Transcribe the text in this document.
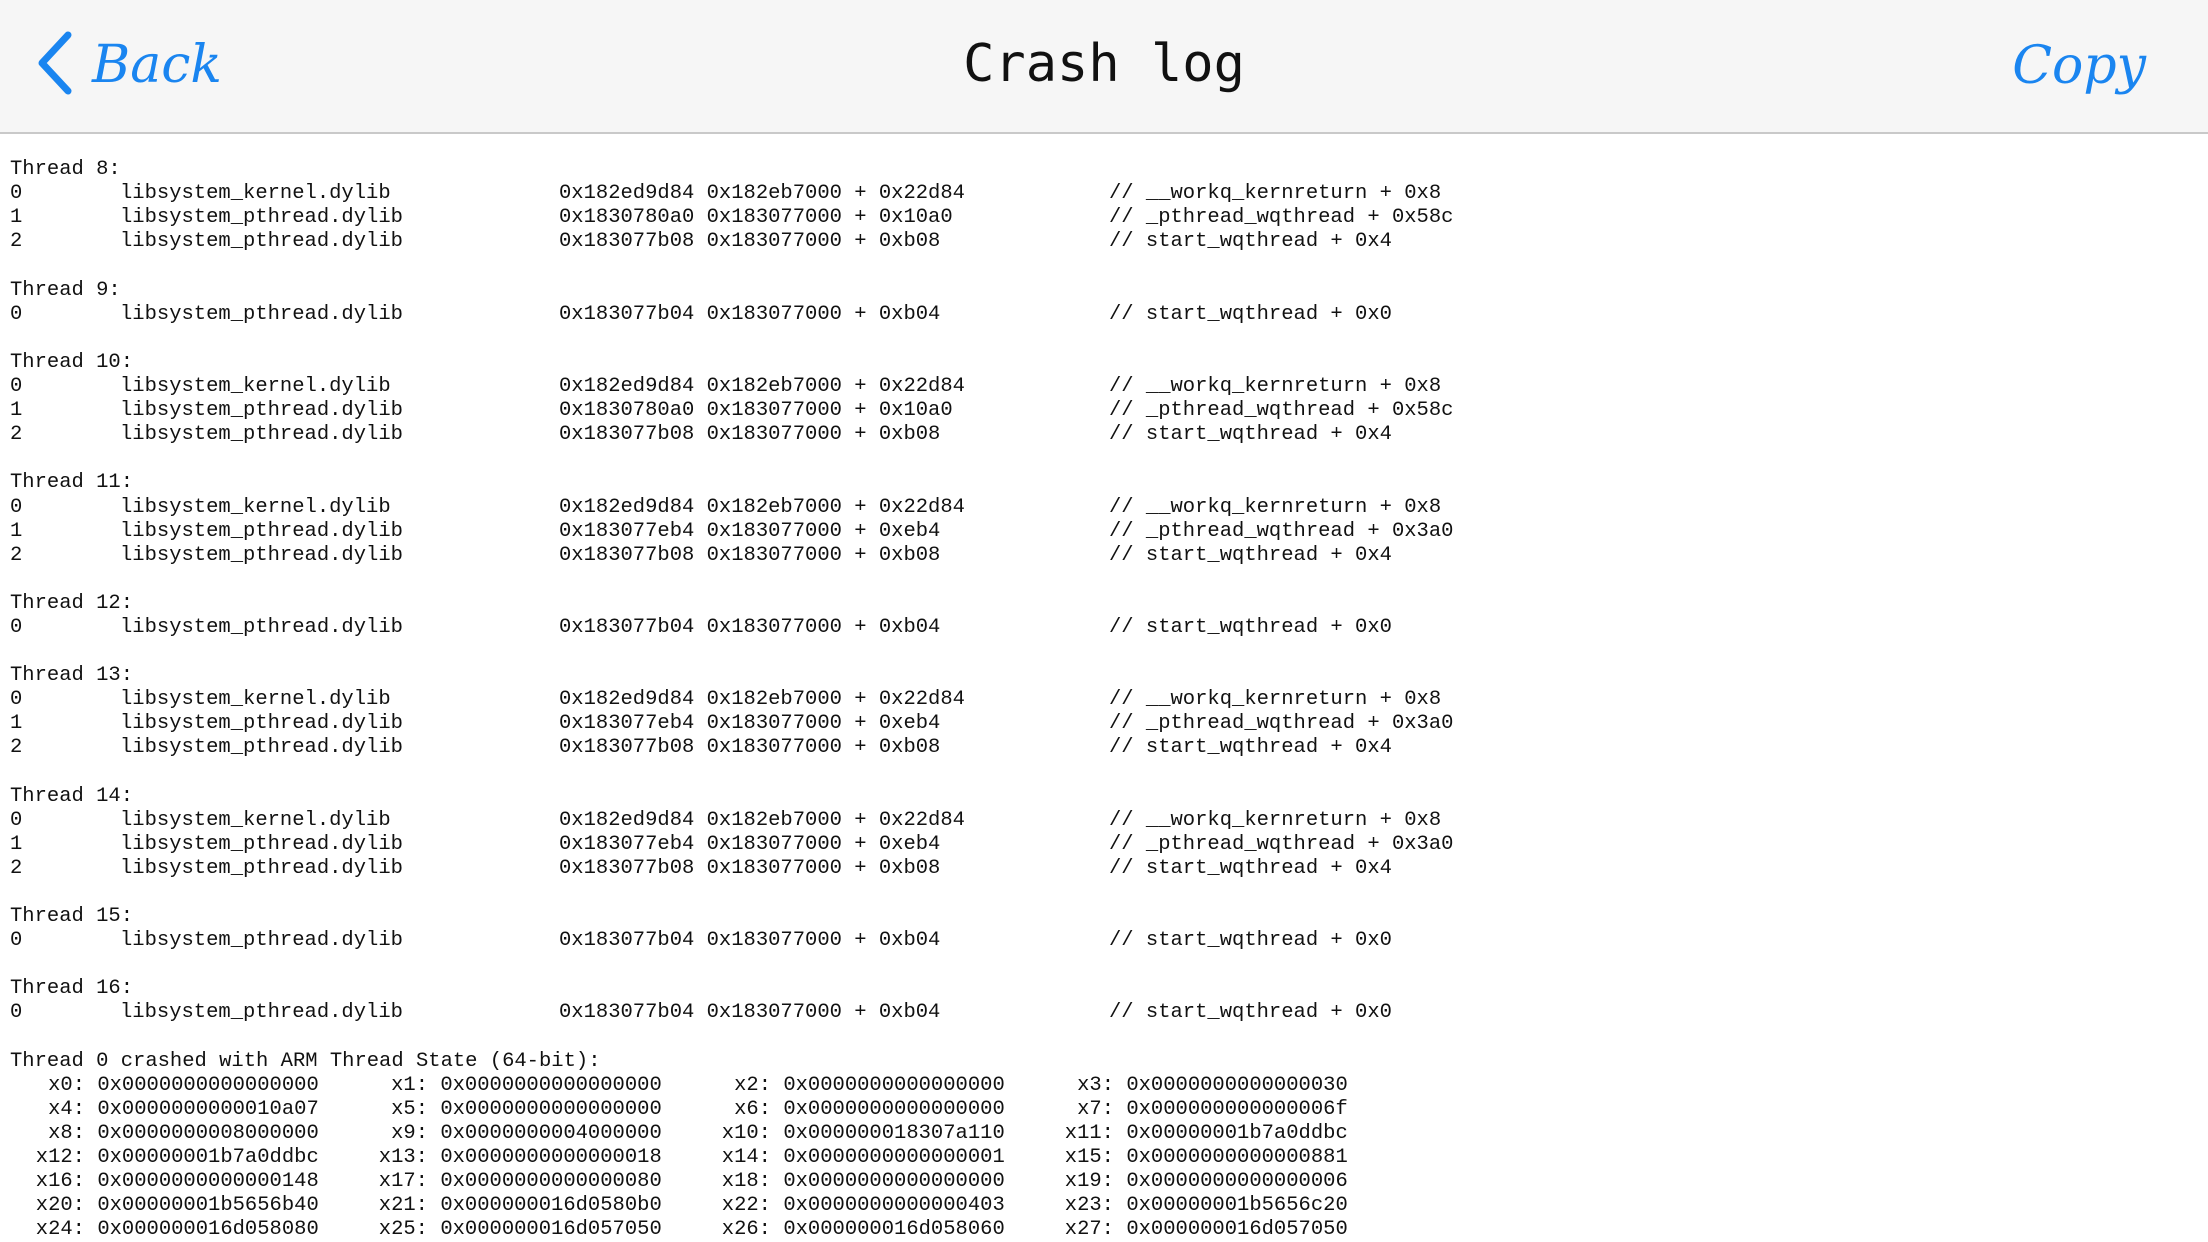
Back	Crash log	Copy
Thread 8:
0	libsystem_kernel.dylib	0x182ed9d84 0x182eb7000 + 0x22d84	// __workq_kernreturn + 0x8
1	libsystem_pthread.dylib	0x1830780a0 0x183077000 + 0x10a0	// _pthread_wqthread + 0x58c
2	libsystem_pthread.dylib	0x183077b08 0x183077000 + 0xb08	// start_wqthread + 0x4
Thread 9:
0	libsystem_pthread.dylib	0x183077b04 0x183077000 + 0xb04	// start_wqthread + 0x0
Thread 10:
0	libsystem_kernel.dylib	0x182ed9d84 0x182eb7000 + 0x22d84	// __workq_kernreturn + 0x8
1	libsystem_pthread.dylib	0x1830780a0 0x183077000 + 0x10a0	// _pthread_wqthread + 0x58c
2	libsystem_pthread.dylib	0x183077b08 0x183077000 + 0xb08	// start_wqthread + 0x4
Thread 11:
0	libsystem_kernel.dylib	0x182ed9d84 0x182eb7000 + 0x22d84	// __workq_kernreturn + 0x8
1	libsystem_pthread.dylib	0x183077eb4 0x183077000 + 0xeb4	// _pthread_wqthread + 0x3a0
2	libsystem_pthread.dylib	0x183077b08 0x183077000 + 0xb08	// start_wqthread + 0x4
Thread 12:
0	libsystem_pthread.dylib	0x183077b04 0x183077000 + 0xb04	// start_wqthread + 0x0
Thread 13:
0	libsystem_kernel.dylib	0x182ed9d84 0x182eb7000 + 0x22d84	// __workq_kernreturn + 0x8
1	libsystem_pthread.dylib	0x183077eb4 0x183077000 + 0xeb4	// _pthread_wqthread + 0x3a0
2	libsystem_pthread.dylib	0x183077b08 0x183077000 + 0xb08	// start_wqthread + 0x4
Thread 14:
0	libsystem_kernel.dylib	0x182ed9d84 0x182eb7000 + 0x22d84	// __workq_kernreturn + 0x8
1	libsystem_pthread.dylib	0x183077eb4 0x183077000 + 0xeb4	// _pthread_wqthread + 0x3a0
2	libsystem_pthread.dylib	0x183077b08 0x183077000 + 0xb08	// start_wqthread + 0x4
Thread 15:
0	libsystem_pthread.dylib	0x183077b04 0x183077000 + 0xb04	// start_wqthread + 0x0
Thread 16:
0	libsystem_pthread.dylib	0x183077b04 0x183077000 + 0xb04	// start_wqthread + 0x0
Thread 0 crashed with ARM Thread State (64-bit):
x0: 0x0000000000000000	x1: 0x0000000000000000	x2: 0x0000000000000000	x3: 0x0000000000000030
x4: 0x0000000000010a07	x5: 0x0000000000000000	x6: 0x0000000000000000	x7: 0x000000000000006f
x8: 0x0000000008000000	x9: 0x0000000004000000	x10: 0x000000018307a110	x11: 0x00000001b7a0ddbc
x12: 0x00000001b7a0ddbc	x13: 0x0000000000000018	x14: 0x0000000000000001	x15: 0x0000000000000881
x16: 0x0000000000000148	x17: 0x0000000000000080	x18: 0x0000000000000000	x19: 0x0000000000000006
x20: 0x00000001b5656b40	x21: 0x000000016d0580b0	x22: 0x0000000000000403	x23: 0x00000001b5656c20
x24: 0x000000016d058080	x25: 0x000000016d057050	x26: 0x000000016d058060	x27: 0x000000016d057050
